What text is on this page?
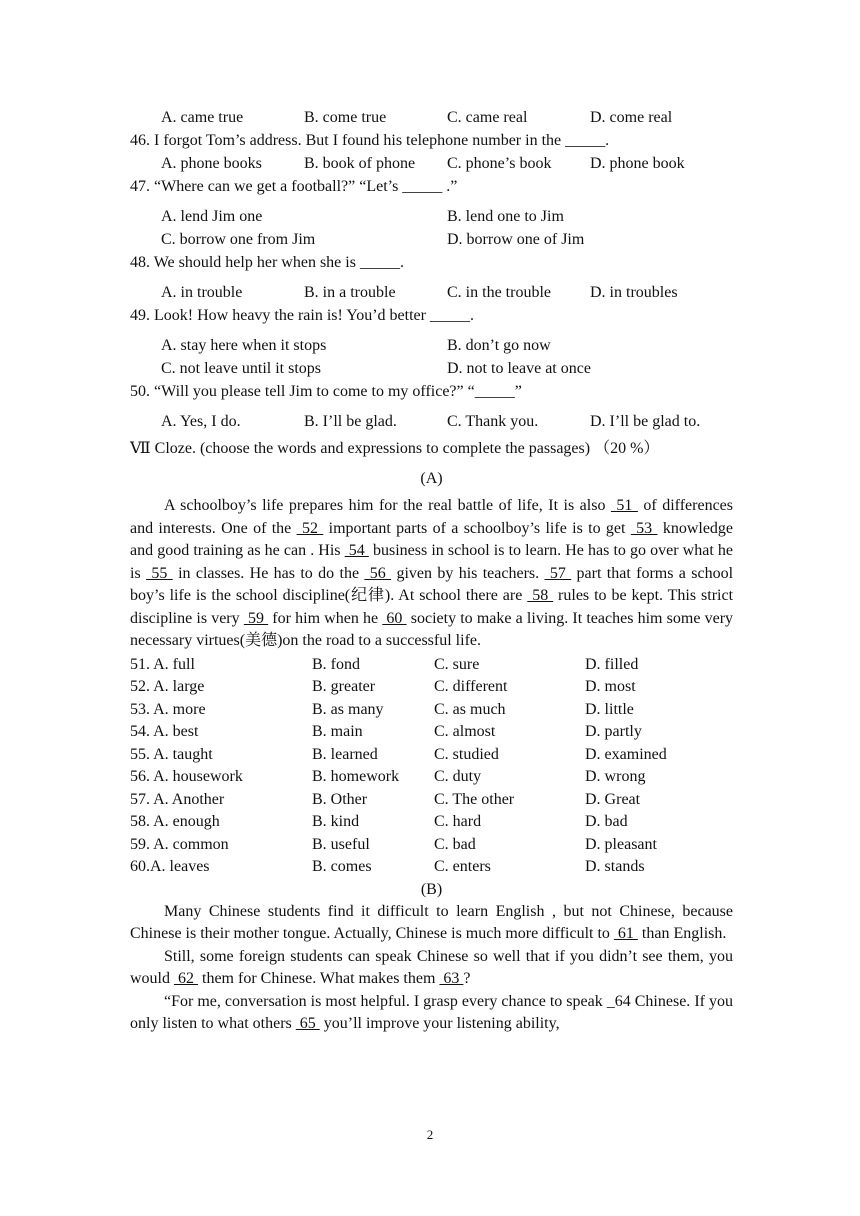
A. came true	B. come true	C. came real	D. come real
46. I forgot Tom’s address. But I found his telephone number in the _____.
A. phone books	B. book of phone	C. phone’s book	D. phone book
47. “Where can we get a football?” “Let’s _____ .”
A. lend Jim one	B. lend one to Jim
C. borrow one from Jim	D. borrow one of Jim
48. We should help her when she is _____.
A. in trouble	B. in a trouble	C. in the trouble	D. in troubles
49. Look! How heavy the rain is! You’d better _____.
A. stay here when it stops	B. don’t go now
C. not leave until it stops	D. not to leave at once
50. “Will you please tell Jim to come to my office?” “_____”
A. Yes, I do.	B. I’ll be glad.	C. Thank you.	D. I’ll be glad to.
Ⅶ Cloze. (choose the words and expressions to complete the passages) （20 %）
(A)

A schoolboy’s life prepares him for the real battle of life, It is also  51  of differences and interests. One of the  52  important parts of a schoolboy’s life is to get  53  knowledge and good training as he can . His  54  business in school is to learn. He has to go over what he is  55  in classes. He has to do the  56  given by his teachers.  57  part that forms a school boy’s life is the school discipline(纪律). At school there are  58  rules to be kept. This strict discipline is very  59  for him when he  60  society to make a living. It teaches him some very necessary virtues(美德)on the road to a successful life.

51. A. full	B. fond	C. sure	D. filled
52. A. large	B. greater	C. different	D. most
53. A. more	B. as many	C. as much	D. little
54. A. best	B. main	C. almost	D. partly
55. A. taught	B. learned	C. studied	D. examined
56. A. housework	B. homework	C. duty	D. wrong
57. A. Another	B. Other	C. The other	D. Great
58. A. enough	B. kind	C. hard	D. bad
59. A. common	B. useful	C. bad	D. pleasant
60.A. leaves	B. comes	C. enters	D. stands
(B)

Many Chinese students find it difficult to learn English , but not Chinese, because Chinese is their mother tongue. Actually, Chinese is much more difficult to  61  than English.

Still, some foreign students can speak Chinese so well that if you didn’t see them, you would  62  them for Chinese. What makes them  63 ?

“For me, conversation is most helpful. I grasp every chance to speak _64 Chinese. If you only listen to what others  65  you’ll improve your listening ability,

2
